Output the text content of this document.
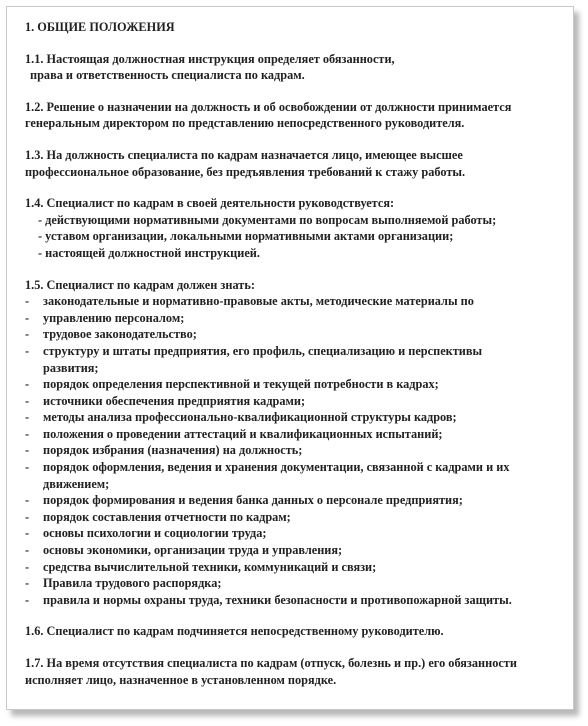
1. ОБЩИЕ ПОЛОЖЕНИЯ

1.1. Настоящая должностная инструкция определяет обязанности,

права и ответственность специалиста по кадрам.

1.2. Решение о назначении на должность и об освобождении от должности принимается

генеральным директором по представлению непосредственного руководителя.

1.3. На должность специалиста по кадрам назначается лицо, имеющее высшее

профессиональное образование, без предъявления требований к стажу работы.

1.4. Специалист по кадрам в своей деятельности руководствуется:

- действующими нормативными документами по вопросам выполняемой работы;

- уставом организации, локальными нормативными актами организации;

- настоящей должностной инструкцией.

1.5. Специалист по кадрам должен знать:

-	законодательные и нормативно-правовые акты, методические материалы по
-	управлению персоналом;
-	трудовое законодательство;
-	структуру и штаты предприятия, его профиль, специализацию и перспективы
развития;
-	порядок определения перспективной и текущей потребности в кадрах;
-	источники обеспечения предприятия кадрами;
-	методы анализа профессионально-квалификационной структуры кадров;
-	положения о проведении аттестаций и квалификационных испытаний;
-	порядок избрания (назначения) на должность;
-	порядок оформления, ведения и хранения документации, связанной с кадрами и их
движением;
-	порядок формирования и ведения банка данных о персонале предприятия;
-	порядок составления отчетности по кадрам;
-	основы психологии и социологии труда;
-	основы экономики, организации труда и управления;
-	средства вычислительной техники, коммуникаций и связи;
-	Правила трудового распорядка;
-	правила и нормы охраны труда, техники безопасности и противопожарной защиты.

1.6. Специалист по кадрам подчиняется непосредственному руководителю.

1.7. На время отсутствия специалиста по кадрам (отпуск, болезнь и пр.) его обязанности

исполняет лицо, назначенное в установленном порядке.
